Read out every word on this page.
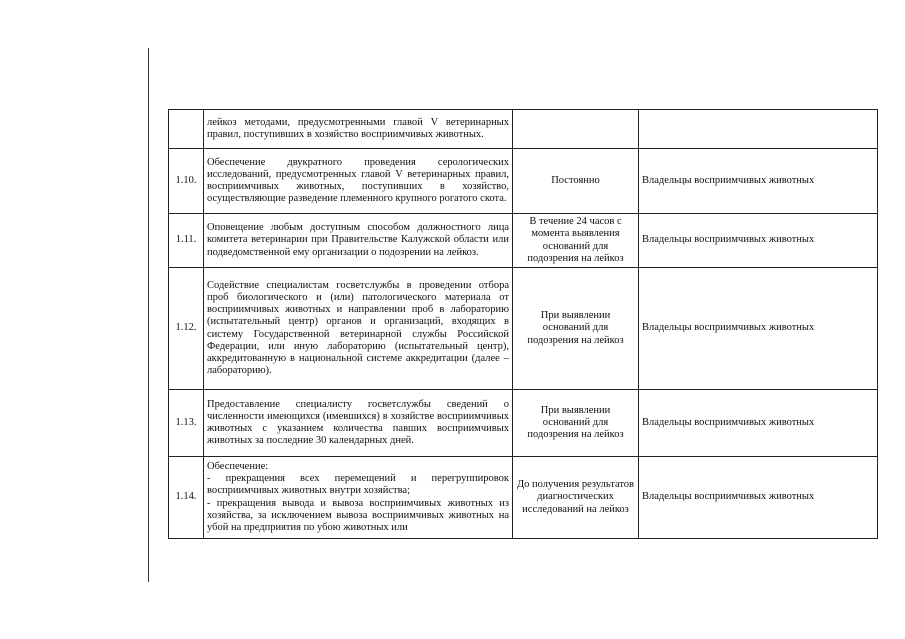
	лейкоз методами, предусмотренными главой V ветеринарных правил, поступивших в хозяйство восприимчивых животных.		
1.10.	Обеспечение двукратного проведения серологических исследований, предусмотренных главой V ветеринарных правил, восприимчивых животных, поступивших в хозяйство, осуществляющие разведение племенного крупного рогатого скота.	Постоянно	Владельцы восприимчивых животных
1.11.	Оповещение любым доступным способом должностного лица комитета ветеринарии при Правительстве Калужской области или подведомственной ему организации о подозрении на лейкоз.	В течение 24 часов с момента выявления оснований для подозрения на лейкоз	Владельцы восприимчивых животных
1.12.	Содействие специалистам госветслужбы в проведении отбора проб биологического и (или) патологического материала от восприимчивых животных и направлении проб в лабораторию (испытательный центр) органов и организаций, входящих в систему Государственной ветеринарной службы Российской Федерации, или иную лабораторию (испытательный центр), аккредитованную в национальной системе аккредитации (далее – лабораторию).	При выявлении оснований для подозрения на лейкоз	Владельцы восприимчивых животных
1.13.	Предоставление специалисту госветслужбы сведений о численности имеющихся (имевшихся) в хозяйстве восприимчивых животных с указанием количества павших восприимчивых животных за последние 30 календарных дней.	При выявлении оснований для подозрения на лейкоз	Владельцы восприимчивых животных
1.14.	Обеспечение:
- прекращения всех перемещений и перегруппировок восприимчивых животных внутри хозяйства;
- прекращения вывода и вывоза восприимчивых животных из хозяйства, за исключением вывоза восприимчивых животных на убой на предприятия по убою животных или	До получения результатов диагностических исследований на лейкоз	Владельцы восприимчивых животных
